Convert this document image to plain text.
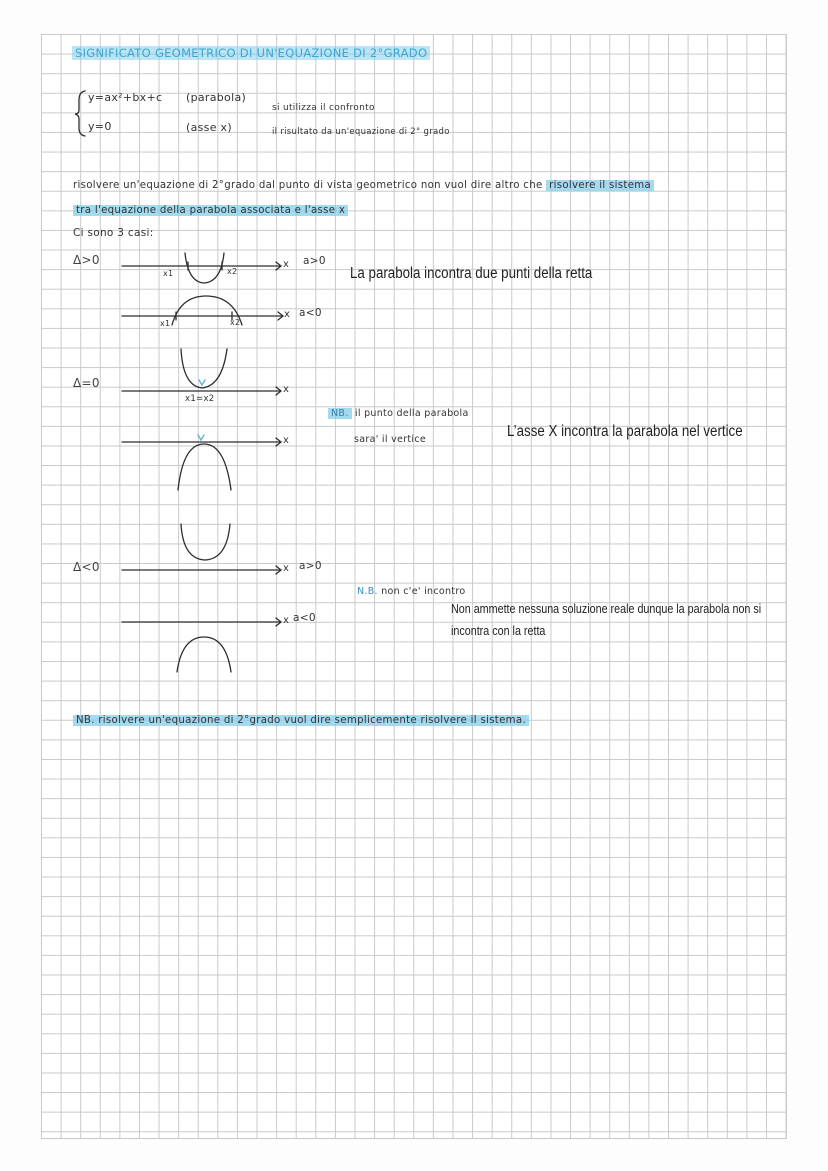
SIGNIFICATO GEOMETRICO DI UN'EQUAZIONE DI 2°GRADO
y=ax²+bx+c (parabola)
y=0	(asse x)
si utilizza il confronto
il risultato da un'equazione di 2° grado
risolvere un'equazione di 2°grado dal punto di vista geometrico non vuol dire altro che risolvere il sistema
tra l'equazione della parabola associata e l'asse x
Ci sono 3 casi:
Δ>0
Δ=0
Δ<0
x1	x2
x a>0
x1	x2
x a<0
La parabola incontra due punti della retta
x1=x2
x
x
NB. il punto della parabola
sara' il vertice	L’asse X incontra la parabola nel vertice
x a>0
x a<0
N.B. non c'e' incontro
Non ammette nessuna soluzione reale dunque la parabola non si
incontra con la retta
NB. risolvere un'equazione di 2°grado vuol dire semplicemente risolvere il sistema.
